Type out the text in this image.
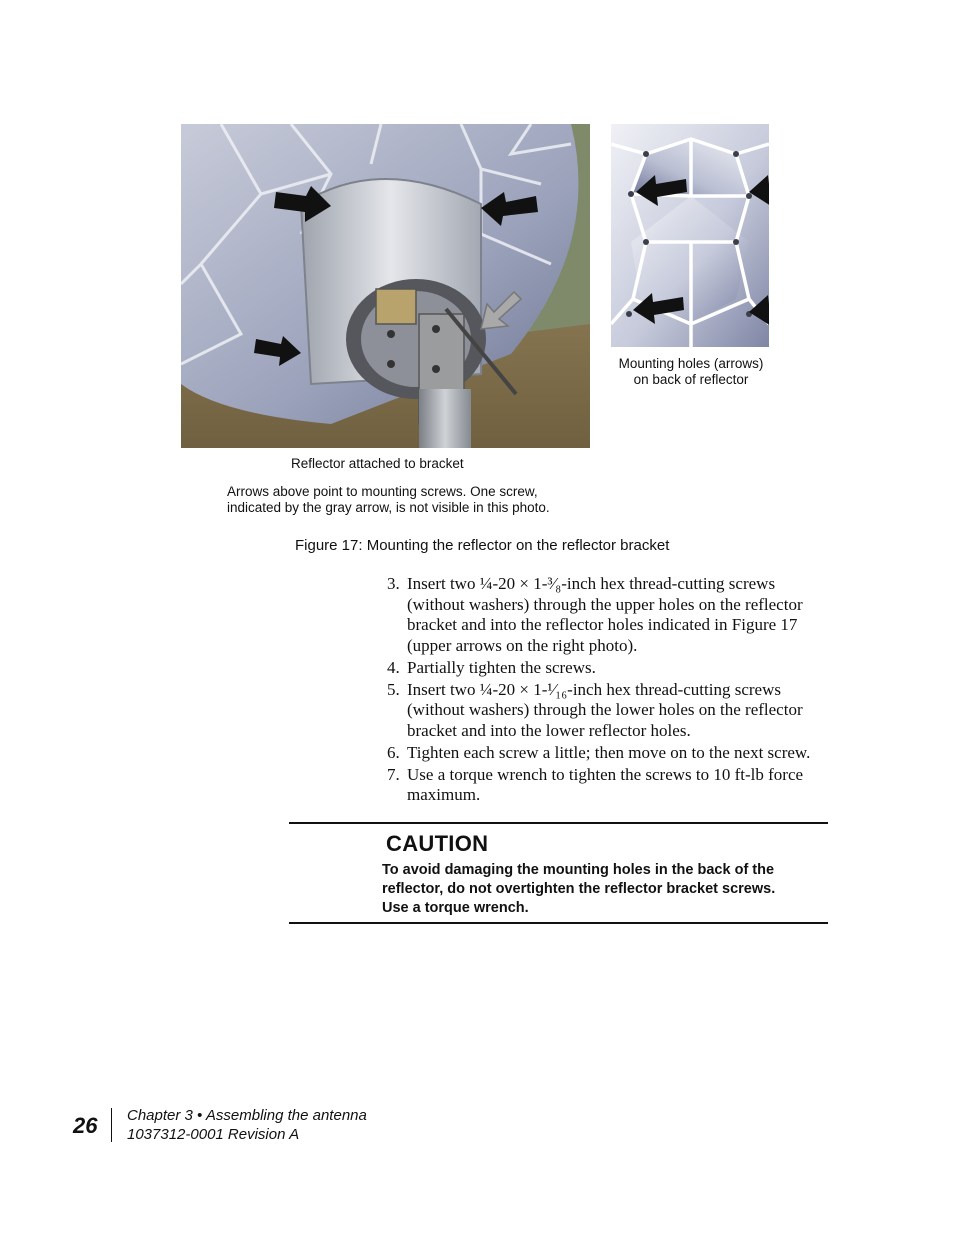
Mounting holes (arrows)
on back of reflector
Reflector attached to bracket
Arrows above point to mounting screws. One screw,
indicated by the gray arrow, is not visible in this photo.
Figure 17: Mounting the reflector on the reflector bracket
3. Insert two ¼-20 × 1-³⁄₈-inch hex thread-cutting screws
(without washers) through the upper holes on the reflector
bracket and into the reflector holes indicated in Figure 17
(upper arrows on the right photo).
4. Partially tighten the screws.
5. Insert two ¼-20 × 1-¹⁄₁₆-inch hex thread-cutting screws
(without washers) through the lower holes on the reflector
bracket and into the lower reflector holes.
6. Tighten each screw a little; then move on to the next screw.
7. Use a torque wrench to tighten the screws to 10 ft-lb force
maximum.
CAUTION
To avoid damaging the mounting holes in the back of the
reflector, do not overtighten the reflector bracket screws.
Use a torque wrench.
26 Chapter 3 • Assembling the antenna
1037312-0001 Revision A
